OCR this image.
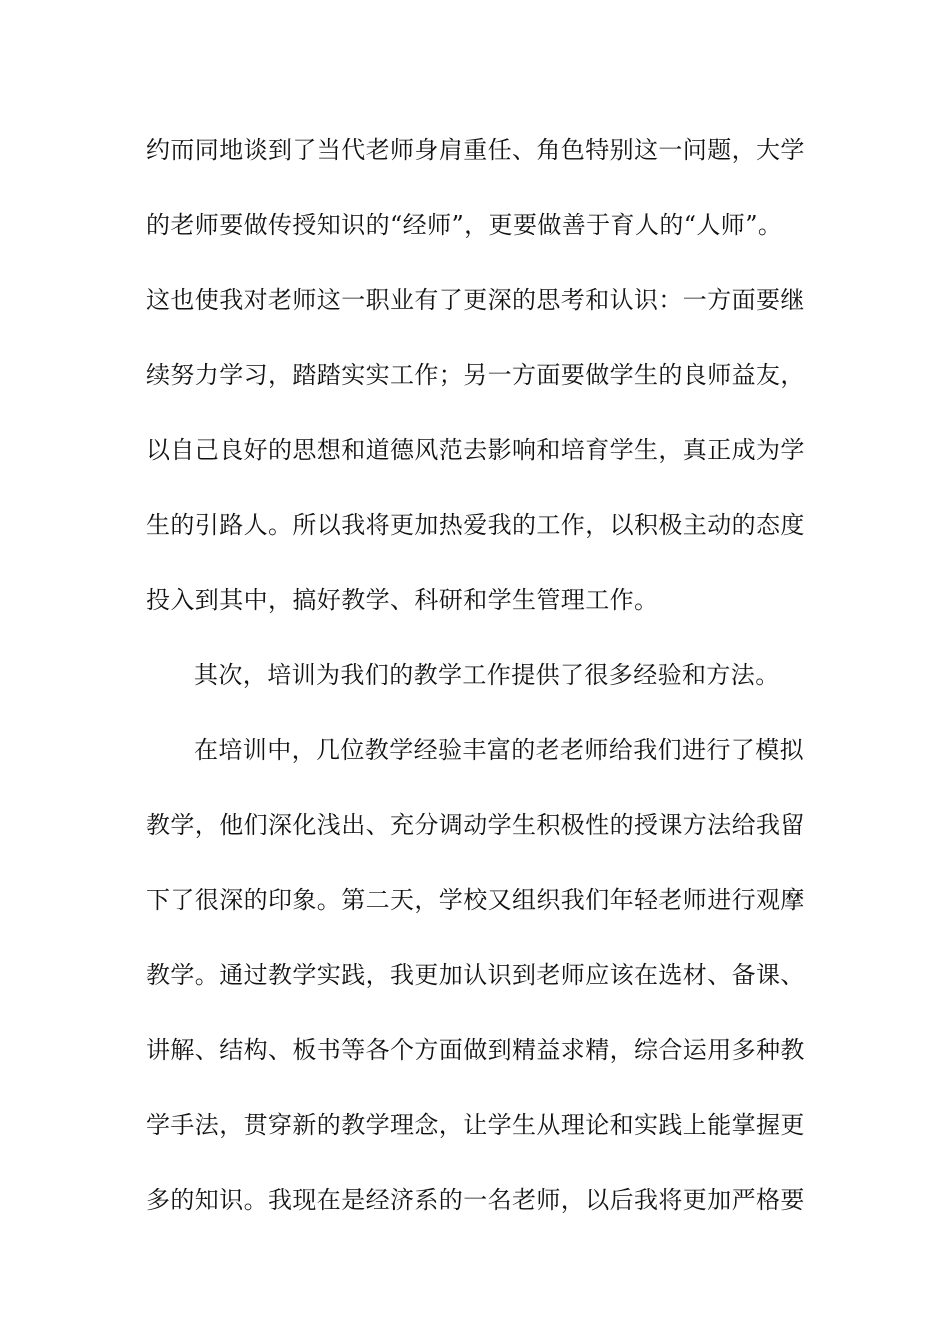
约而同地谈到了当代老师身肩重任、角色特别这一问题，大学
的老师要做传授知识的“经师”，更要做善于育人的“人师”。
这也使我对老师这一职业有了更深的思考和认识：一方面要继
续努力学习，踏踏实实工作；另一方面要做学生的良师益友，
以自己良好的思想和道德风范去影响和培育学生，真正成为学
生的引路人。所以我将更加热爱我的工作，以积极主动的态度
投入到其中，搞好教学、科研和学生管理工作。
其次，培训为我们的教学工作提供了很多经验和方法。
在培训中，几位教学经验丰富的老老师给我们进行了模拟
教学，他们深化浅出、充分调动学生积极性的授课方法给我留
下了很深的印象。第二天，学校又组织我们年轻老师进行观摩
教学。通过教学实践，我更加认识到老师应该在选材、备课、
讲解、结构、板书等各个方面做到精益求精，综合运用多种教
学手法，贯穿新的教学理念，让学生从理论和实践上能掌握更
多的知识。我现在是经济系的一名老师，以后我将更加严格要
